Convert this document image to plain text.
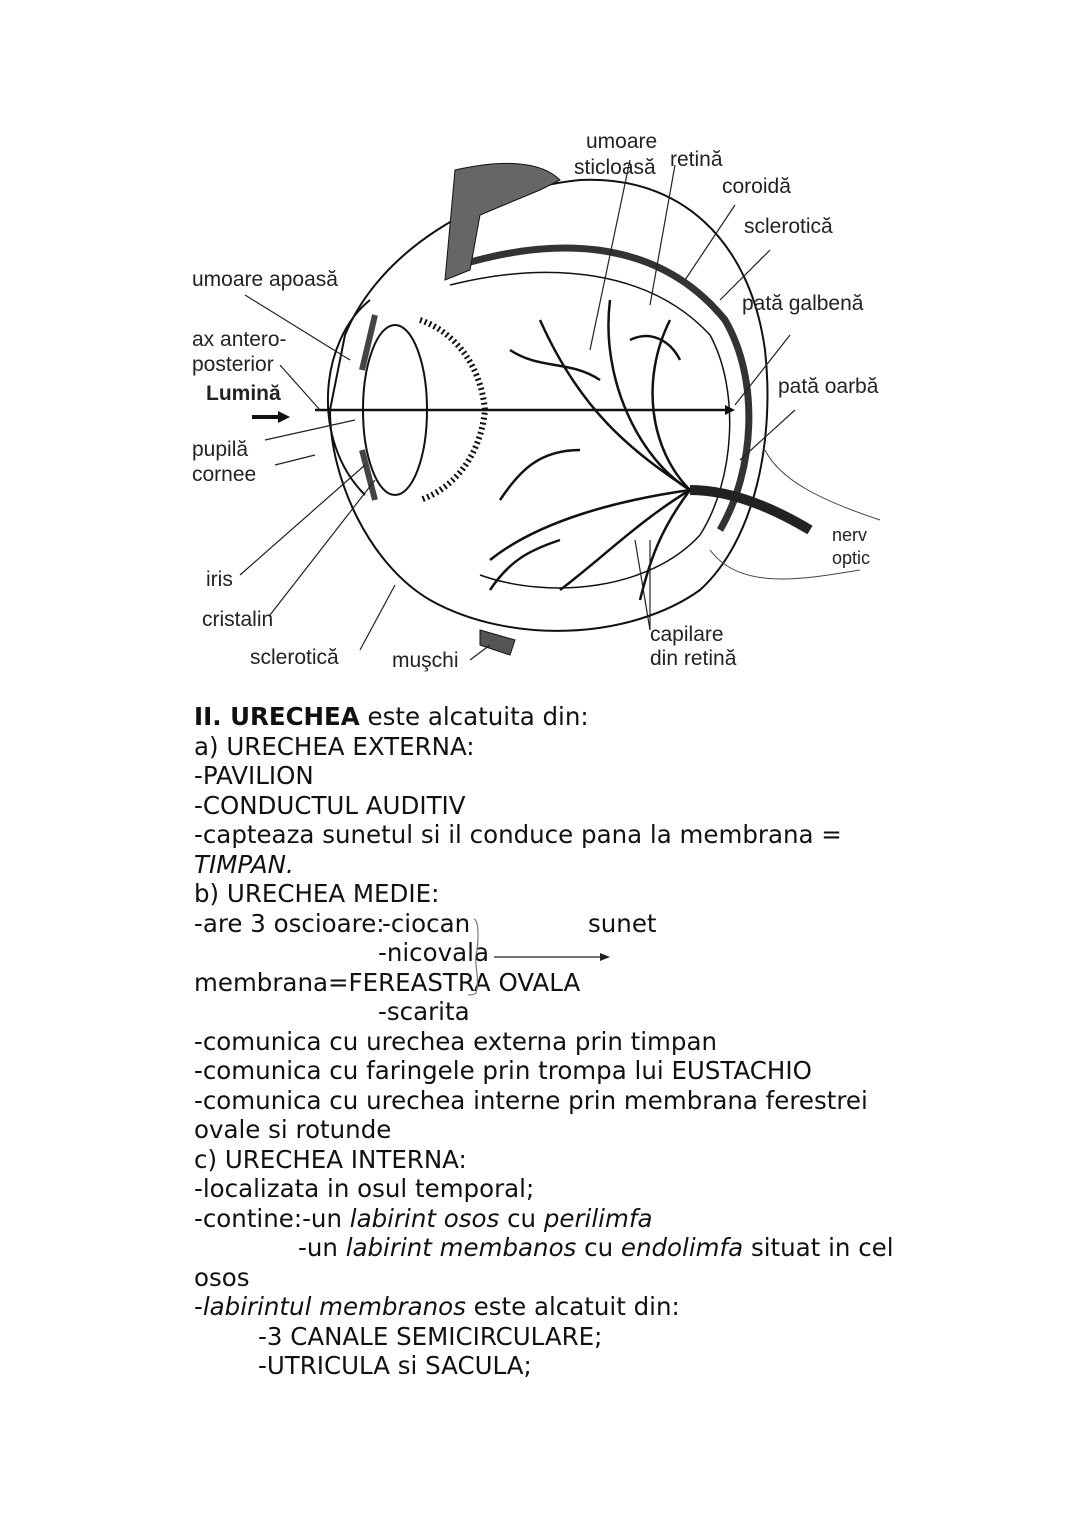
umoare
sticloasă retină
coroidă
sclerotică
umoare apoasă
pată galbenă
ax antero-
posterior
Lumină	pată oarbă
pupilă
cornee
nerv
optic
iris
cristalin
capilare
din retină
sclerotică	muşchi
II. URECHEA este alcatuita din:
a) URECHEA EXTERNA:
-PAVILION
-CONDUCTUL AUDITIV
-capteaza sunetul si il conduce pana la membrana =
TIMPAN.
b) URECHEA MEDIE:
-are 3 oscioare:
-ciocan	sunet
-nicovala
membrana=FEREASTRA OVALA
-scarita
-comunica cu urechea externa prin timpan
-comunica cu faringele prin trompa lui EUSTACHIO
-comunica cu urechea interne prin membrana ferestrei
ovale si rotunde
c) URECHEA INTERNA:
-localizata in osul temporal;
-contine:-un labirint osos cu perilimfa
-un labirint membanos cu endolimfa situat in cel
osos
-labirintul membranos este alcatuit din:
-3 CANALE SEMICIRCULARE;
-UTRICULA si SACULA;
